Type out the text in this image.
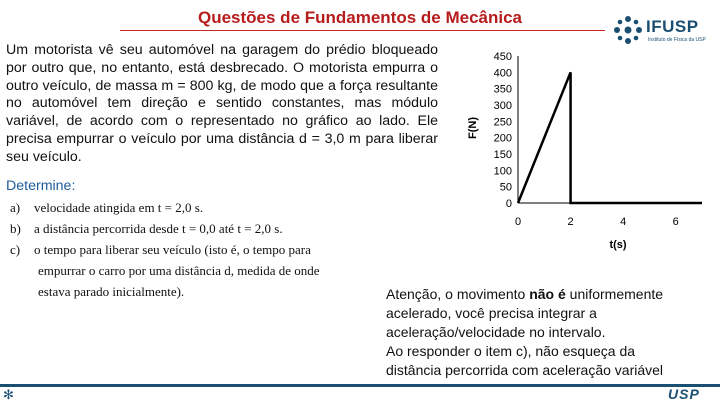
Questões de Fundamentos de Mecânica	IFUSP
Instituto de Física da USP
Um motorista vê seu automóvel na garagem do prédio bloqueado por outro que, no entanto, está desbrecado. O motorista empurra o outro veículo, de massa m = 800 kg, de modo que a força resultante no automóvel tem direção e sentido constantes, mas módulo variável, de acordo com o representado no gráfico ao lado. Ele precisa empurrar o veículo por uma distância d = 3,0 m para liberar seu veículo.
Determine:
a) velocidade atingida em t = 2,0 s.
b) a distância percorrida desde t = 0,0 até t = 2,0 s.
c) o tempo para liberar seu veículo (isto é, o tempo para
empurrar o carro por uma distância d, medida de onde
estava parado inicialmente).	Atenção, o movimento não é uniformemente
acelerado, você precisa integrar a
aceleração/velocidade no intervalo.
Ao responder o item c), não esqueça da
distância percorrida com aceleração variável
0
50
100
150
200
250
300
350
400
450
0	2	4	6
F(N)
t(s)
✻	USP
